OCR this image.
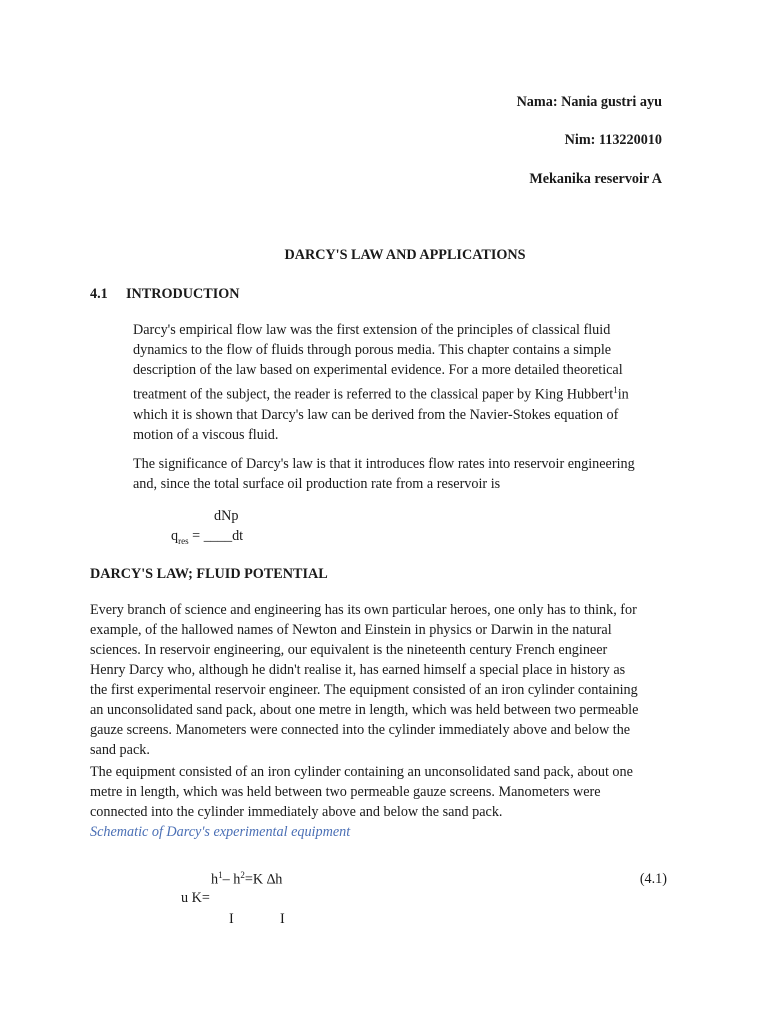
Nama: Nania gustri ayu
Nim: 113220010
Mekanika reservoir A
DARCY'S LAW AND APPLICATIONS
4.1 INTRODUCTION
Darcy's empirical flow law was the first extension of the principles of classical fluid
dynamics to the flow of fluids through porous media. This chapter contains a simple
description of the law based on experimental evidence. For a more detailed theoretical
treatment of the subject, the reader is referred to the classical paper by King Hubbert$^1$in
which it is shown that Darcy's law can be derived from the Navier-Stokes equation of
motion of a viscous fluid.
The significance of Darcy's law is that it introduces flow rates into reservoir engineering
and, since the total surface oil production rate from a reservoir is
dNp
$q_{res}$ = ____dt
DARCY'S LAW; FLUID POTENTIAL
Every branch of science and engineering has its own particular heroes, one only has to think, for
example, of the hallowed names of Newton and Einstein in physics or Darwin in the natural
sciences. In reservoir engineering, our equivalent is the nineteenth century French engineer
Henry Darcy who, although he didn't realise it, has earned himself a special place in history as
the first experimental reservoir engineer. The equipment consisted of an iron cylinder containing
an unconsolidated sand pack, about one metre in length, which was held between two permeable
gauze screens. Manometers were connected into the cylinder immediately above and below the
sand pack.
The equipment consisted of an iron cylinder containing an unconsolidated sand pack, about one
metre in length, which was held between two permeable gauze screens. Manometers were
connected into the cylinder immediately above and below the sand pack.
Schematic of Darcy's experimental equipment
$h^1-$ $h^2=K$ ∆h	(4.1)
u K=
I	I
